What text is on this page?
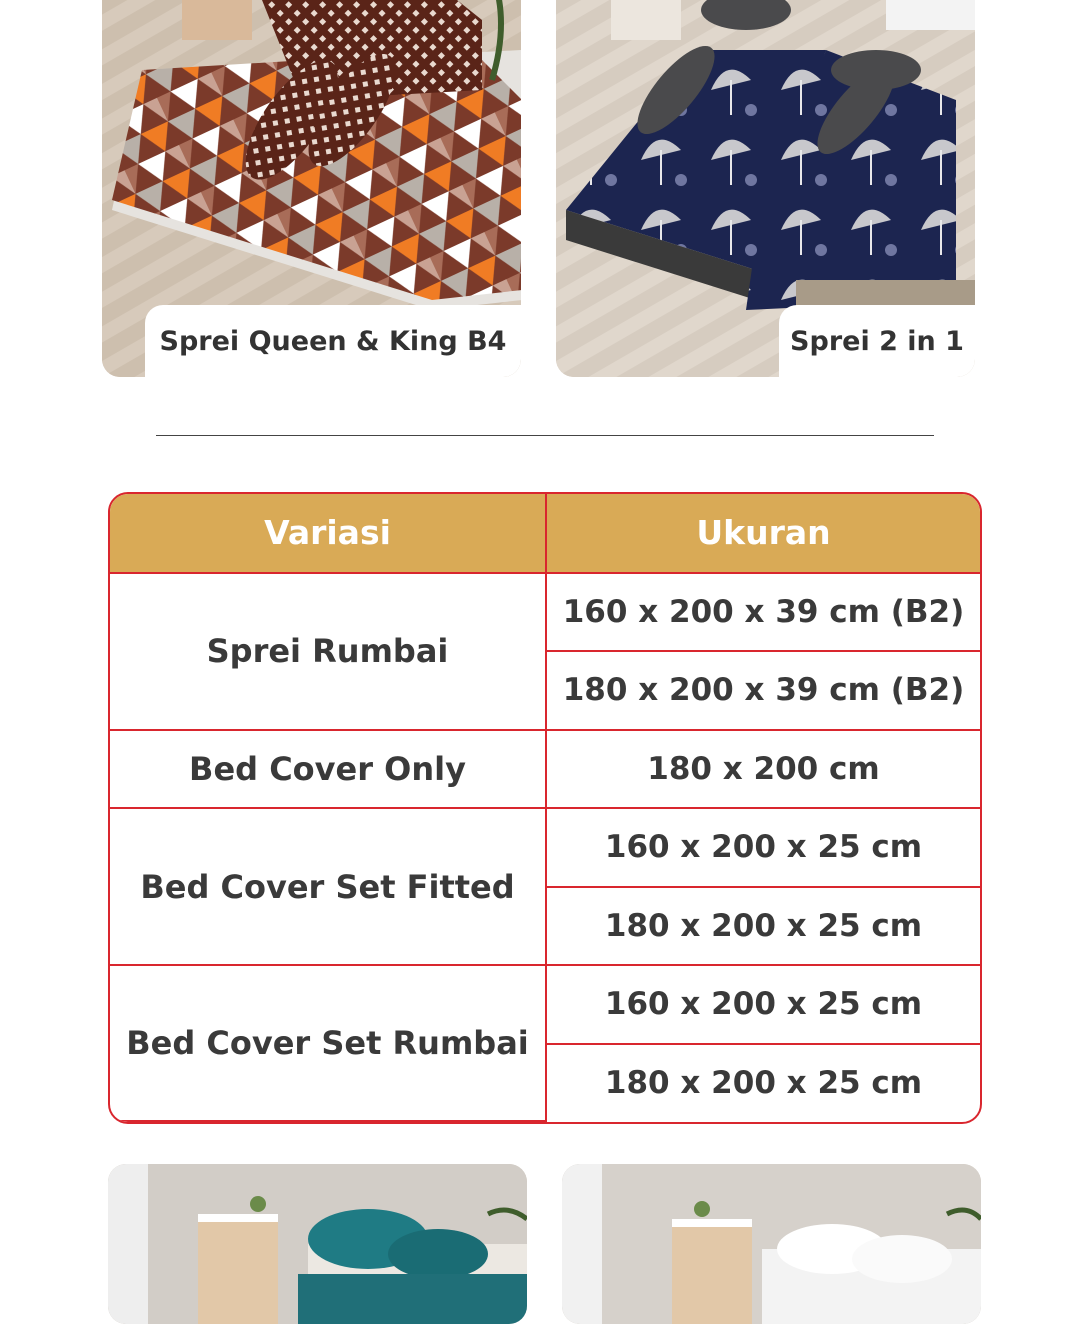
Sprei Queen & King B4	Sprei 2 in 1
Variasi	Ukuran
Sprei Rumbai	160 x 200 x 39 cm (B2)
	180 x 200 x 39 cm (B2)
Bed Cover Only	180 x 200 cm
Bed Cover Set Fitted	160 x 200 x 25 cm
	180 x 200 x 25 cm
Bed Cover Set Rumbai	160 x 200 x 25 cm
	180 x 200 x 25 cm
